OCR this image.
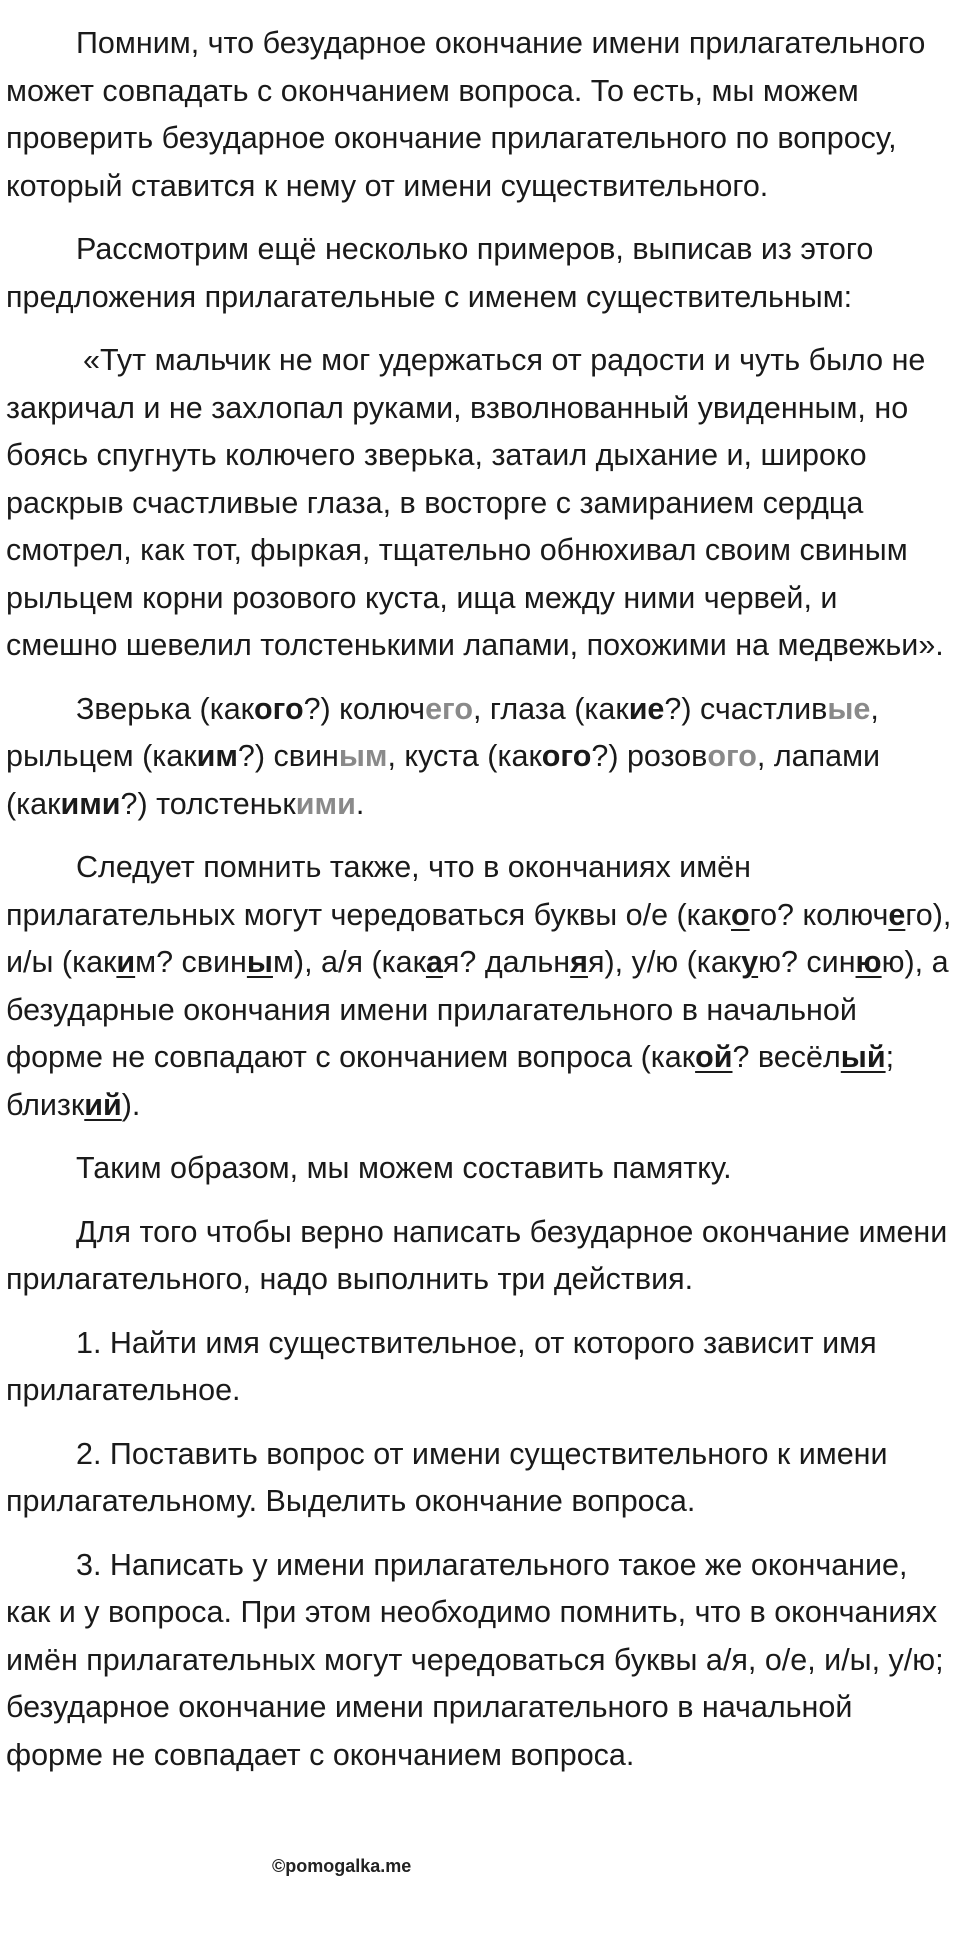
Помним, что безударное окончание имени прилагательного может совпадать с окончанием вопроса. То есть, мы можем проверить безударное окончание прилагательного по вопросу, который ставится к нему от имени существительного.

Рассмотрим ещё несколько примеров, выписав из этого предложения прилагательные с именем существительным:

«Тут мальчик не мог удержаться от радости и чуть было не закричал и не захлопал руками, взволнованный увиденным, но боясь спугнуть колючего зверька, затаил дыхание и, широко раскрыв счастливые глаза, в восторге с замиранием сердца смотрел, как тот, фыркая, тщательно обнюхивал своим свиным рыльцем корни розового куста, ища между ними червей, и смешно шевелил толстенькими лапами, похожими на медвежьи».

Зверька (какого?) колючего, глаза (какие?) счастливые, рыльцем (каким?) свиным, куста (какого?) розового, лапами (какими?) толстенькими.

Следует помнить также, что в окончаниях имён прилагательных могут чередоваться буквы о/е (какого? колючего), и/ы (каким? свиным), а/я (какая? дальняя), у/ю (какую? синюю), а безударные окончания имени прилагательного в начальной форме не совпадают с окончанием вопроса (какой? весёлый; близкий).

Таким образом, мы можем составить памятку.

Для того чтобы верно написать безударное окончание имени прилагательного, надо выполнить три действия.

1. Найти имя существительное, от которого зависит имя прилагательное.

2. Поставить вопрос от имени существительного к имени прилагательному. Выделить окончание вопроса.

3. Написать у имени прилагательного такое же окончание, как и у вопроса. При этом необходимо помнить, что в окончаниях имён прилагательных могут чередоваться буквы а/я, о/е, и/ы, у/ю; безударное окончание имени прилагательного в начальной форме не совпадает с окончанием вопроса.

©pomogalka.me
